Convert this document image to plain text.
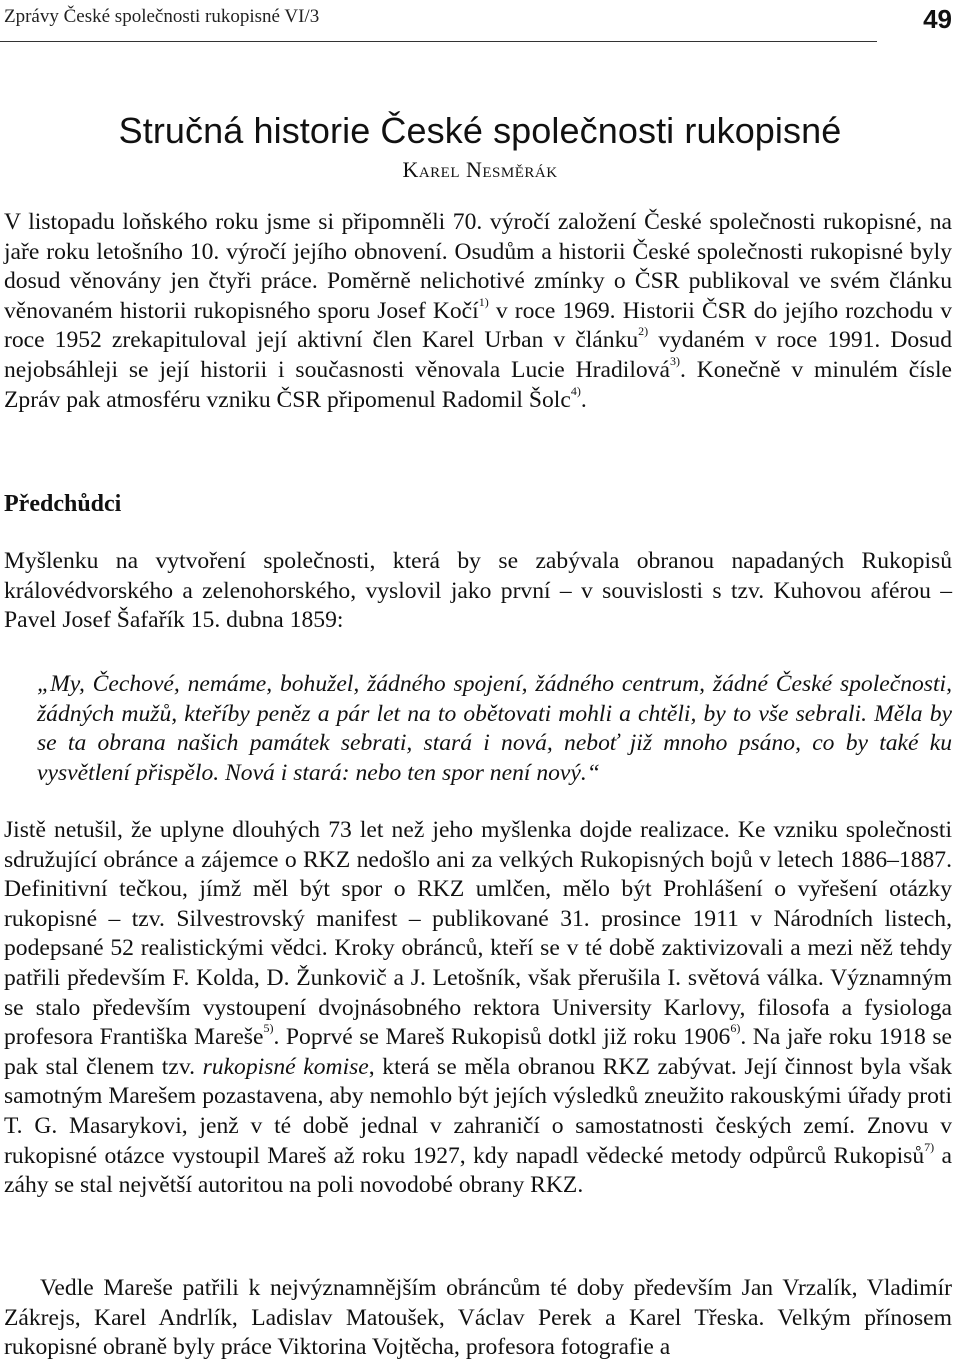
Zprávy České společnosti rukopisné VI/3	49
Stručná historie České společnosti rukopisné
Karel Nesměrák

V listopadu loňského roku jsme si připomněli 70. výročí založení České společnosti rukopisné, na jaře roku letošního 10. výročí jejího obnovení. Osudům a historii České společnosti rukopisné byly dosud věnovány jen čtyři práce. Poměrně nelichotivé zmínky o ČSR publikoval ve svém článku věnovaném historii rukopisného sporu Josef Kočí$^{1)}$ v roce 1969. Historii ČSR do jejího rozchodu v roce 1952 zrekapituloval její aktivní člen Karel Urban v článku$^{2)}$ vydaném v roce 1991. Dosud nejobsáhleji se její historii i současnosti věnovala Lucie Hradilová$^{3)}$. Konečně v minulém čísle Zpráv pak atmosféru vzniku ČSR připomenul Radomil Šolc$^{4)}$.

Předchůdci

Myšlenku na vytvoření společnosti, která by se zabývala obranou napadaných Rukopisů královédvorského a zelenohorského, vyslovil jako první – v souvislosti s tzv. Kuhovou aférou – Pavel Josef Šafařík 15. dubna 1859:

„My, Čechové, nemáme, bohužel, žádného spojení, žádného centrum, žádné České společnosti, žádných mužů, kteříby peněz a pár let na to obětovati mohli a chtěli, by to vše sebrali. Měla by se ta obrana našich památek sebrati, stará i nová, neboť již mnoho psáno, co by také ku vysvětlení přispělo. Nová i stará: nebo ten spor není nový.“

Jistě netušil, že uplyne dlouhých 73 let než jeho myšlenka dojde realizace. Ke vzniku společnosti sdružující obránce a zájemce o RKZ nedošlo ani za velkých Rukopisných bojů v letech 1886–1887. Definitivní tečkou, jímž měl být spor o RKZ umlčen, mělo být Prohlášení o vyřešení otázky rukopisné – tzv. Silvestrovský manifest – publikované 31. prosince 1911 v Národních listech, podepsané 52 realistickými vědci. Kroky obránců, kteří se v té době zaktivizovali a mezi něž tehdy patřili především F. Kolda, D. Žunkovič a J. Letošník, však přerušila I. světová válka. Významným se stalo především vystoupení dvojnásobného rektora University Karlovy, filosofa a fysiologa profesora Františka Mareše$^{5)}$. Poprvé se Mareš Rukopisů dotkl již roku 1906$^{6)}$. Na jaře roku 1918 se pak stal členem tzv. rukopisné komise, která se měla obranou RKZ zabývat. Její činnost byla však samotným Marešem pozastavena, aby nemohlo být jejích výsledků zneužito rakouskými úřady proti T. G. Masarykovi, jenž v té době jednal v zahraničí o samostatnosti českých zemí. Znovu v rukopisné otázce vystoupil Mareš až roku 1927, kdy napadl vědecké metody odpůrců Rukopisů$^{7)}$ a záhy se stal největší autoritou na poli novodobé obrany RKZ.

Vedle Mareše patřili k nejvýznamnějším obráncům té doby především Jan Vrzalík, Vladimír Zákrejs, Karel Andrlík, Ladislav Matoušek, Václav Perek a Karel Třeska. Velkým přínosem rukopisné obraně byly práce Viktorina Vojtěcha, profesora fotografie a
